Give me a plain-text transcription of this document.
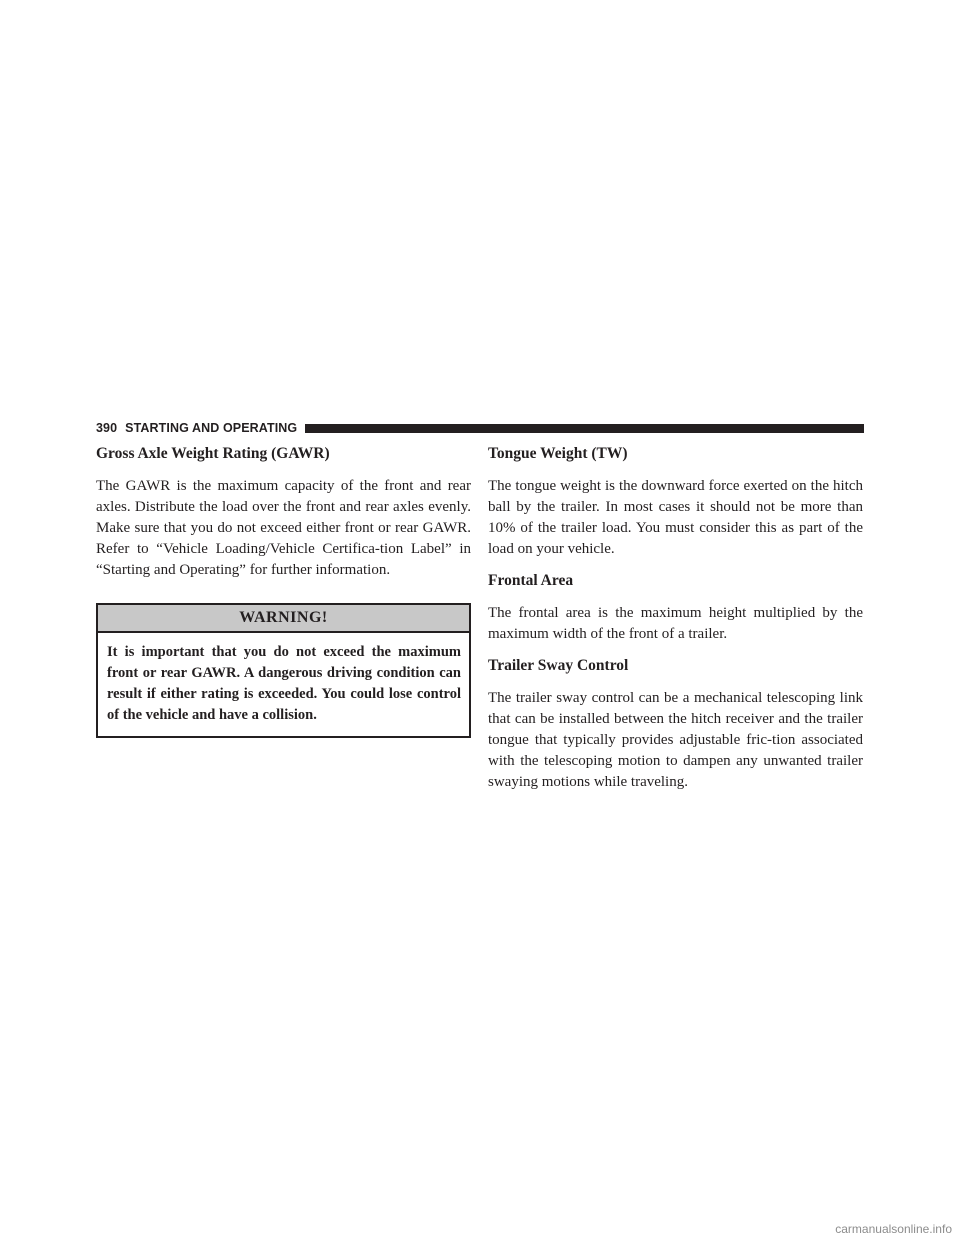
390 STARTING AND OPERATING
Gross Axle Weight Rating (GAWR)

The GAWR is the maximum capacity of the front and rear axles. Distribute the load over the front and rear axles evenly. Make sure that you do not exceed either front or rear GAWR. Refer to “Vehicle Loading/Vehicle Certifica-tion Label” in “Starting and Operating” for further information.

WARNING!
It is important that you do not exceed the maximum front or rear GAWR. A dangerous driving condition can result if either rating is exceeded. You could lose control of the vehicle and have a collision.
Tongue Weight (TW)

The tongue weight is the downward force exerted on the hitch ball by the trailer. In most cases it should not be more than 10% of the trailer load. You must consider this as part of the load on your vehicle.

Frontal Area

The frontal area is the maximum height multiplied by the maximum width of the front of a trailer.

Trailer Sway Control

The trailer sway control can be a mechanical telescoping link that can be installed between the hitch receiver and the trailer tongue that typically provides adjustable fric-tion associated with the telescoping motion to dampen any unwanted trailer swaying motions while traveling.

carmanualsonline.info
